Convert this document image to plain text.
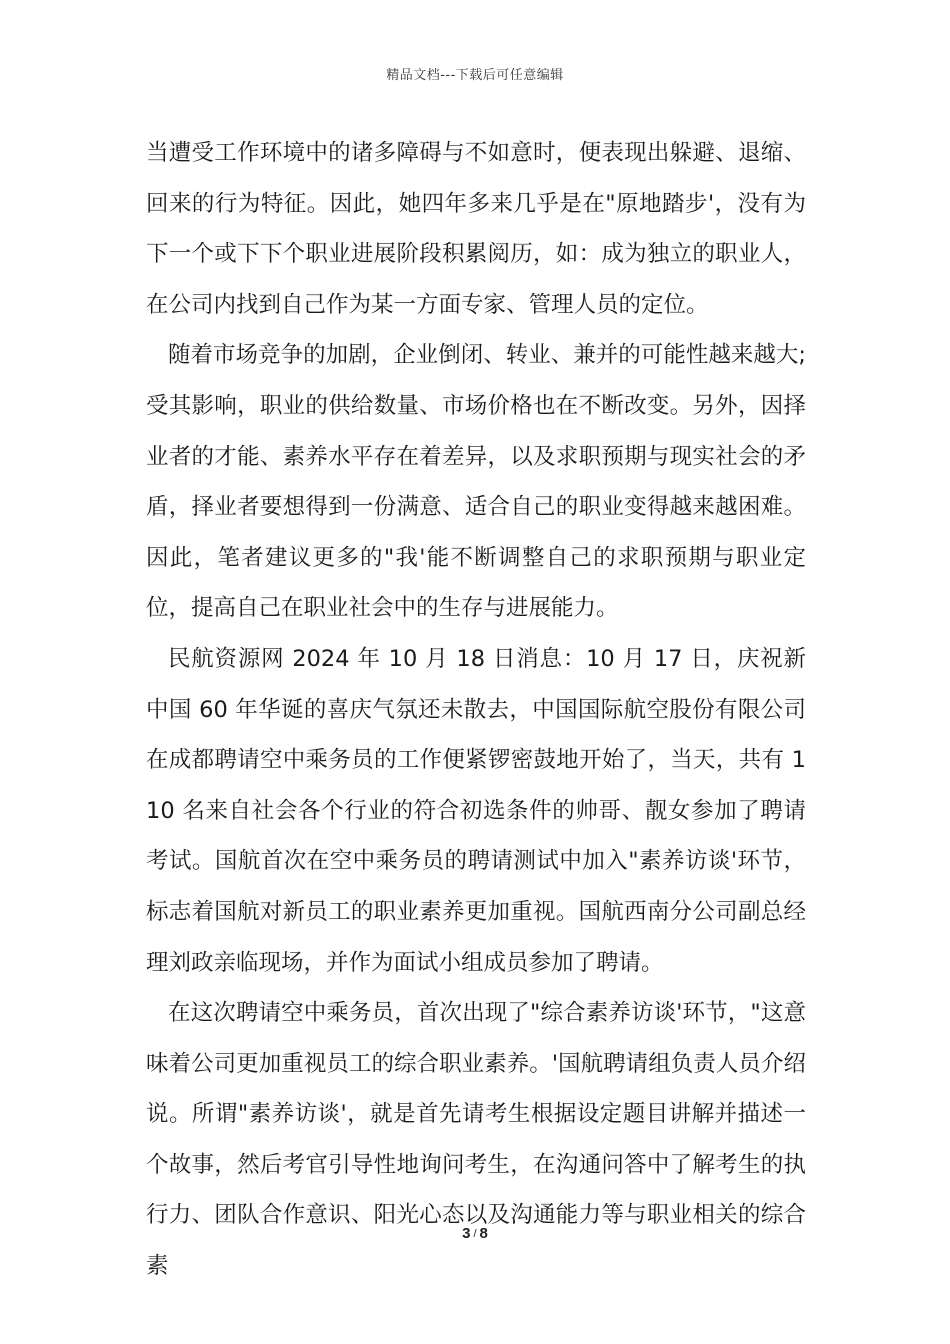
精品文档---下载后可任意编辑

当遭受工作环境中的诸多障碍与不如意时，便表现出躲避、退缩、回来的行为特征。因此，她四年多来几乎是在"原地踏步'，没有为下一个或下下个职业进展阶段积累阅历，如：成为独立的职业人，在公司内找到自己作为某一方面专家、管理人员的定位。

随着市场竞争的加剧，企业倒闭、转业、兼并的可能性越来越大;受其影响，职业的供给数量、市场价格也在不断改变。另外，因择业者的才能、素养水平存在着差异，以及求职预期与现实社会的矛盾，择业者要想得到一份满意、适合自己的职业变得越来越困难。因此，笔者建议更多的"我'能不断调整自己的求职预期与职业定位，提高自己在职业社会中的生存与进展能力。

民航资源网 2024 年 10 月 18 日消息：10 月 17 日，庆祝新中国 60 年华诞的喜庆气氛还未散去，中国国际航空股份有限公司在成都聘请空中乘务员的工作便紧锣密鼓地开始了，当天，共有 110 名来自社会各个行业的符合初选条件的帅哥、靓女参加了聘请考试。国航首次在空中乘务员的聘请测试中加入"素养访谈'环节，标志着国航对新员工的职业素养更加重视。国航西南分公司副总经理刘政亲临现场，并作为面试小组成员参加了聘请。

在这次聘请空中乘务员，首次出现了"综合素养访谈'环节，"这意味着公司更加重视员工的综合职业素养。'国航聘请组负责人员介绍说。所谓"素养访谈'，就是首先请考生根据设定题目讲解并描述一个故事，然后考官引导性地询问考生，在沟通问答中了解考生的执行力、团队合作意识、阳光心态以及沟通能力等与职业相关的综合素

3 / 8
